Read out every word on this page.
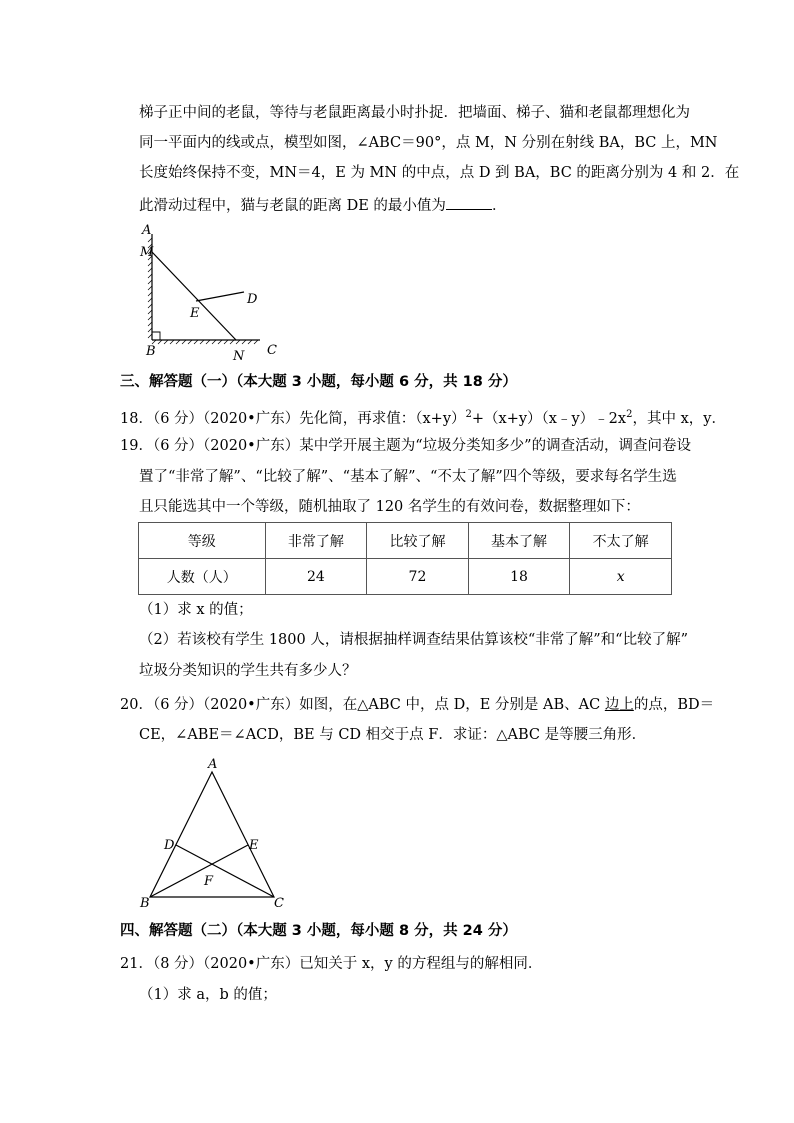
梯子正中间的老鼠，等待与老鼠距离最小时扑捉．把墙面、梯子、猫和老鼠都理想化为
同一平面内的线或点，模型如图，∠ABC＝90°，点 M，N 分别在射线 BA，BC 上，MN
长度始终保持不变，MN＝4，E 为 MN 的中点，点 D 到 BA，BC 的距离分别为 4 和 2．在
此滑动过程中，猫与老鼠的距离 DE 的最小值为	．
A
M
D
E
B	N C
三、解答题（一）（本大题 3 小题，每小题 6 分，共 18 分）
18．（6 分）（2020•广东）先化简，再求值：$(x+y)^2+(x+y)(x﹣y)﹣2x^2$，其中 x，y．
19．（6 分）（2020•广东）某中学开展主题为“垃圾分类知多少”的调查活动，调查问卷设
置了“非常了解”、“比较了解”、“基本了解”、“不太了解”四个等级，要求每名学生选
且只能选其中一个等级，随机抽取了 120 名学生的有效问卷，数据整理如下：
等级	非常了解	比较了解	基本了解	不太了解
人数（人）	24	72	18	x
（1）求 x 的值；
（2）若该校有学生 1800 人，请根据抽样调查结果估算该校“非常了解”和“比较了解”
垃圾分类知识的学生共有多少人？
20．（6 分）（2020•广东）如图，在△ABC 中，点 D，E 分别是 AB、AC 边上的点，BD＝
CE，∠ABE＝∠ACD，BE 与 CD 相交于点 F．求证：△ABC 是等腰三角形．
A
D	E
F
B	C
四、解答题（二）（本大题 3 小题，每小题 8 分，共 24 分）
21．（8 分）（2020•广东）已知关于 x，y 的方程组与的解相同．
（1）求 a，b 的值；
